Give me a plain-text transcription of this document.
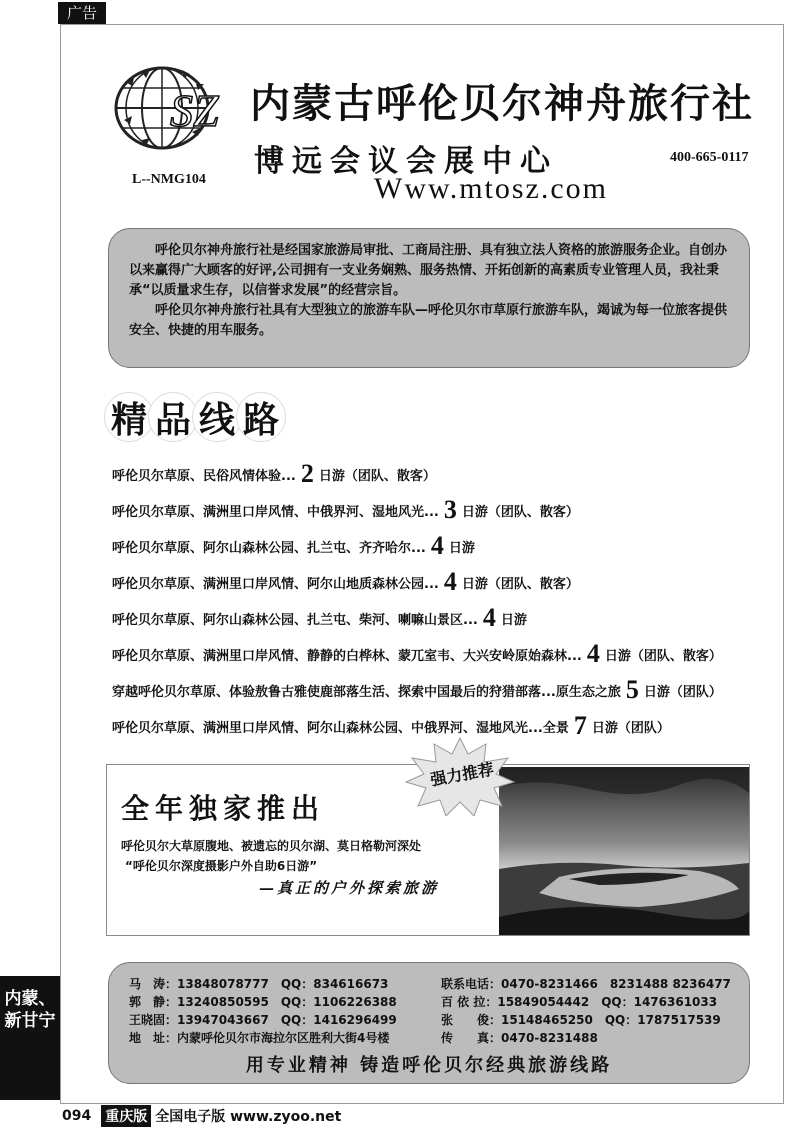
广告
SZ
L--NMG104
内蒙古呼伦贝尔神舟旅行社
博远会议会展中心	400-665-0117
Www.mtosz.com

呼伦贝尔神舟旅行社是经国家旅游局审批、工商局注册、具有独立法人资格的旅游服务企业。自创办以来赢得广大顾客的好评,公司拥有一支业务娴熟、服务热情、开拓创新的高素质专业管理人员，我社秉承“以质量求生存，以信誉求发展”的经营宗旨。

呼伦贝尔神舟旅行社具有大型独立的旅游车队—呼伦贝尔市草原行旅游车队，竭诚为每一位旅客提供安全、快捷的用车服务。

精 品 线 路
呼伦贝尔草原、民俗风情体验... 2 日游（团队、散客）
呼伦贝尔草原、满洲里口岸风情、中俄界河、湿地风光... 3 日游（团队、散客）
呼伦贝尔草原、阿尔山森林公园、扎兰屯、齐齐哈尔... 4 日游
呼伦贝尔草原、满洲里口岸风情、阿尔山地质森林公园... 4 日游（团队、散客）
呼伦贝尔草原、阿尔山森林公园、扎兰屯、柴河、喇嘛山景区... 4 日游
呼伦贝尔草原、满洲里口岸风情、静静的白桦林、蒙兀室韦、大兴安岭原始森林... 4 日游（团队、散客）
穿越呼伦贝尔草原、体验敖鲁古雅使鹿部落生活、探索中国最后的狩猎部落...原生态之旅 5 日游（团队）
呼伦贝尔草原、满洲里口岸风情、阿尔山森林公园、中俄界河、湿地风光...全景 7 日游（团队）
全年独家推出
呼伦贝尔大草原腹地、被遗忘的贝尔湖、莫日格勒河深处
“呼伦贝尔深度摄影户外自助6日游”
—真正的户外探索旅游
强力推荐
马　涛：13848078777　QQ：834616673
郭　静：13240850595　QQ：1106226388
王晓固：13947043667　QQ：1416296499
地　址：内蒙呼伦贝尔市海拉尔区胜利大街4号楼
联系电话：0470-8231466　8231488 8236477
百 依 拉：15849054442　QQ：1476361033
张　　俊：15148465250　QQ：1787517539
传　　真：0470-8231488
用专业精神 铸造呼伦贝尔经典旅游线路
内蒙、
新甘宁
094 重庆版 全国电子版 www.zyoo.net
